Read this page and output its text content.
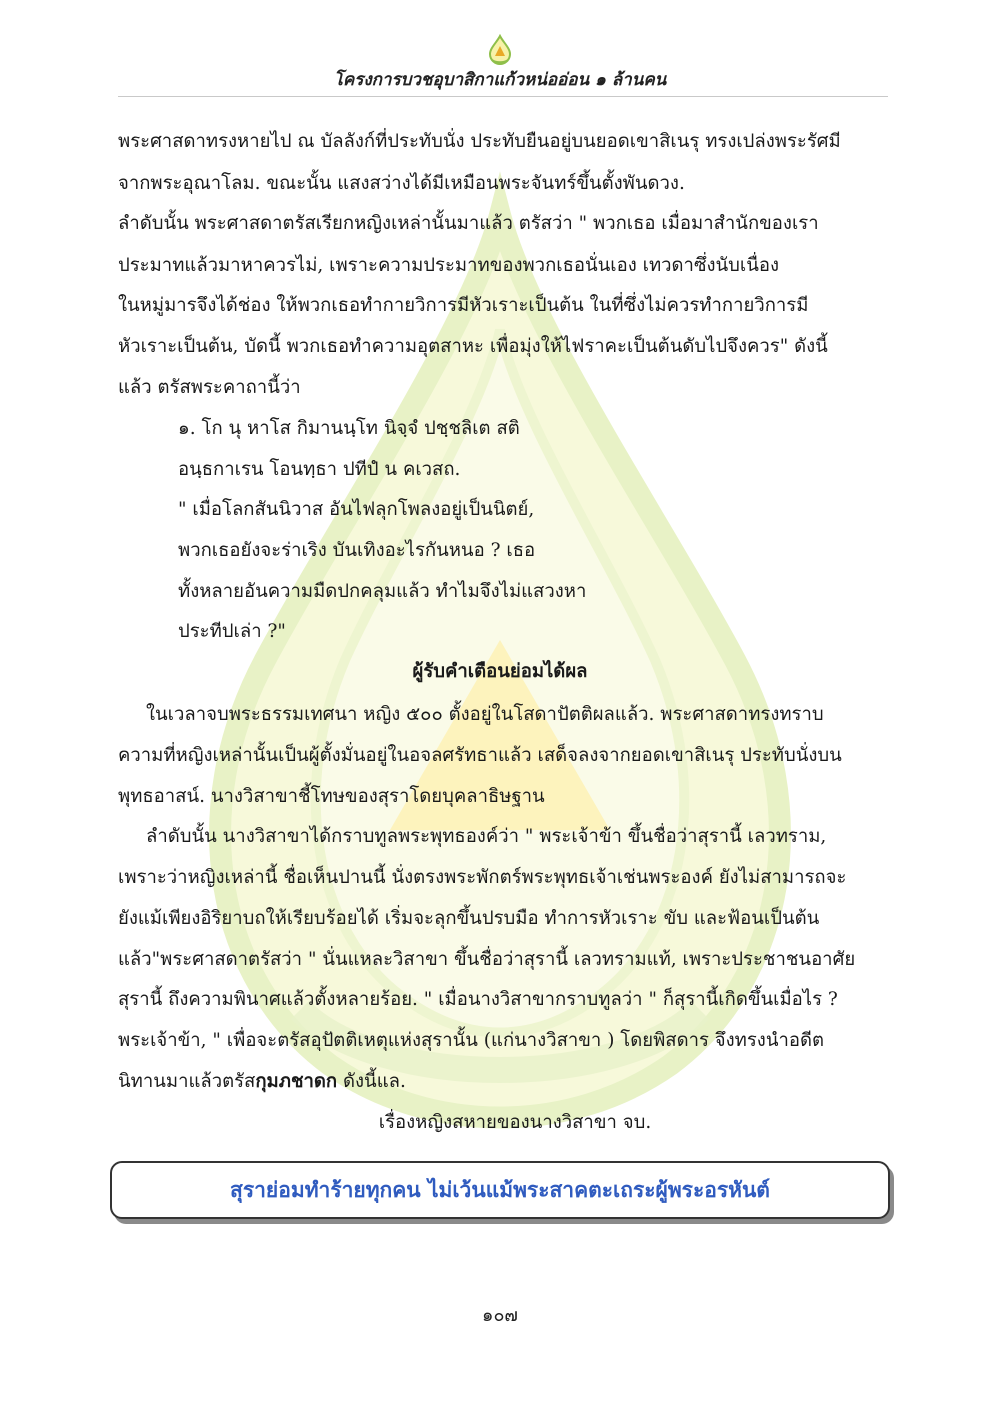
โครงการบวชอุบาสิกาแก้วหน่ออ่อน ๑ ล้านคน
พระศาสดาทรงหายไป ณ บัลลังก์ที่ประทับนั่ง ประทับยืนอยู่บนยอดเขาสิเนรุ ทรงเปล่งพระรัศมี
จากพระอุณาโลม. ขณะนั้น แสงสว่างได้มีเหมือนพระจันทร์ขึ้นตั้งพันดวง.
ลำดับนั้น พระศาสดาตรัสเรียกหญิงเหล่านั้นมาแล้ว ตรัสว่า " พวกเธอ เมื่อมาสำนักของเรา
ประมาทแล้วมาหาควรไม่, เพราะความประมาทของพวกเธอนั่นเอง เทวดาซึ่งนับเนื่อง
ในหมู่มารจึงได้ช่อง ให้พวกเธอทำกายวิการมีหัวเราะเป็นต้น ในที่ซึ่งไม่ควรทำกายวิการมี
หัวเราะเป็นต้น, บัดนี้ พวกเธอทำความอุตสาหะ เพื่อมุ่งให้ไฟราคะเป็นต้นดับไปจึงควร" ดังนี้
แล้ว ตรัสพระคาถานี้ว่า
๑. โก นุ หาโส กิมานนฺโท นิจฺจํ ปชฺชลิเต สติ
อนฺธกาเรน โอนทฺธา ปทีปํ น คเวสถ.
" เมื่อโลกสันนิวาส อันไฟลุกโพลงอยู่เป็นนิตย์,
พวกเธอยังจะร่าเริง บันเทิงอะไรกันหนอ ? เธอ
ทั้งหลายอันความมืดปกคลุมแล้ว ทำไมจึงไม่แสวงหา
ประทีปเล่า ?"
ผู้รับคำเตือนย่อมได้ผล
ในเวลาจบพระธรรมเทศนา หญิง ๕๐๐ ตั้งอยู่ในโสดาปัตติผลแล้ว. พระศาสดาทรงทราบ
ความที่หญิงเหล่านั้นเป็นผู้ตั้งมั่นอยู่ในอจลศรัทธาแล้ว เสด็จลงจากยอดเขาสิเนรุ ประทับนั่งบน
พุทธอาสน์. นางวิสาขาชี้โทษของสุราโดยบุคลาธิษฐาน
ลำดับนั้น นางวิสาขาได้กราบทูลพระพุทธองค์ว่า " พระเจ้าข้า ขึ้นชื่อว่าสุรานี้ เลวทราม,
เพราะว่าหญิงเหล่านี้ ชื่อเห็นปานนี้ นั่งตรงพระพักตร์พระพุทธเจ้าเช่นพระองค์ ยังไม่สามารถจะ
ยังแม้เพียงอิริยาบถให้เรียบร้อยได้ เริ่มจะลุกขึ้นปรบมือ ทำการหัวเราะ ขับ และฟ้อนเป็นต้น
แล้ว"พระศาสดาตรัสว่า " นั่นแหละวิสาขา ขึ้นชื่อว่าสุรานี้ เลวทรามแท้, เพราะประชาชนอาศัย
สุรานี้ ถึงความพินาศแล้วตั้งหลายร้อย. " เมื่อนางวิสาขากราบทูลว่า " ก็สุรานี้เกิดขึ้นเมื่อไร ?
พระเจ้าข้า, " เพื่อจะตรัสอุปัตติเหตุแห่งสุรานั้น (แก่นางวิสาขา ) โดยพิสดาร จึงทรงนำอดีต
นิทานมาแล้วตรัสกุมภชาดก ดังนี้แล.
เรื่องหญิงสหายของนางวิสาขา จบ.
สุราย่อมทำร้ายทุกคน ไม่เว้นแม้พระสาคตะเถระผู้พระอรหันต์
๑๐๗
